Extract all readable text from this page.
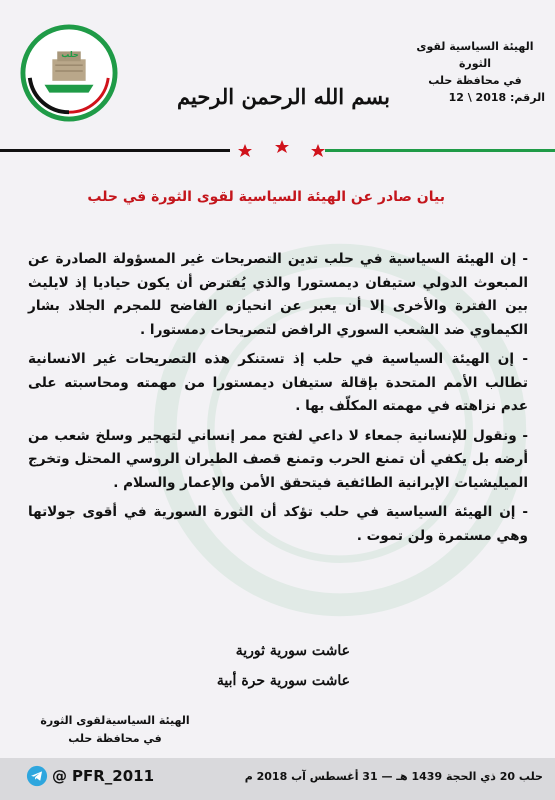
حلب
الهيئة السياسية لقوى الثورة
في محافظة حلب
الرقم: 12 \ 2018
بسم الله الرحمن الرحيم
بيان صادر عن الهيئة السياسية لقوى الثورة في حلب

- إن الهيئة السياسية في حلب تدين التصريحات غير المسؤولة الصادرة عن المبعوث الدولي ستيفان ديمستورا والذي يُفترض أن يكون حياديا إذ لايليث بين الفترة والأخرى إلا أن يعبر عن انحيازه الفاضح للمجرم الجلاد بشار الكيماوي ضد الشعب السوري الرافض لتصريحات دمستورا .

- إن الهيئة السياسية في حلب إذ تستنكر هذه التصريحات غير الانسانية تطالب الأمم المتحدة بإقالة ستيفان ديمستورا من مهمته ومحاسبته على عدم نزاهته في مهمته المكلّف بها .

- ونقول للإنسانية جمعاء لا داعي لفتح ممر إنساني لتهجير وسلخ شعب من أرضه بل يكفي أن تمنع الحرب وتمنع قصف الطيران الروسي المحتل وتخرج الميليشيات الإيرانية الطائفية فيتحقق الأمن والإعمار والسلام .

- إن الهيئة السياسية في حلب تؤكد أن الثورة السورية في أقوى جولاتها وهي مستمرة ولن تموت .

عاشت سورية ثورية
عاشت سورية حرة أبية
الهيئة السياسيةلقوى الثورة
في محافظة حلب
@ PFR_2011	حلب 20 ذي الحجة 1439 هـ — 31 أغسطس آب 2018 م
